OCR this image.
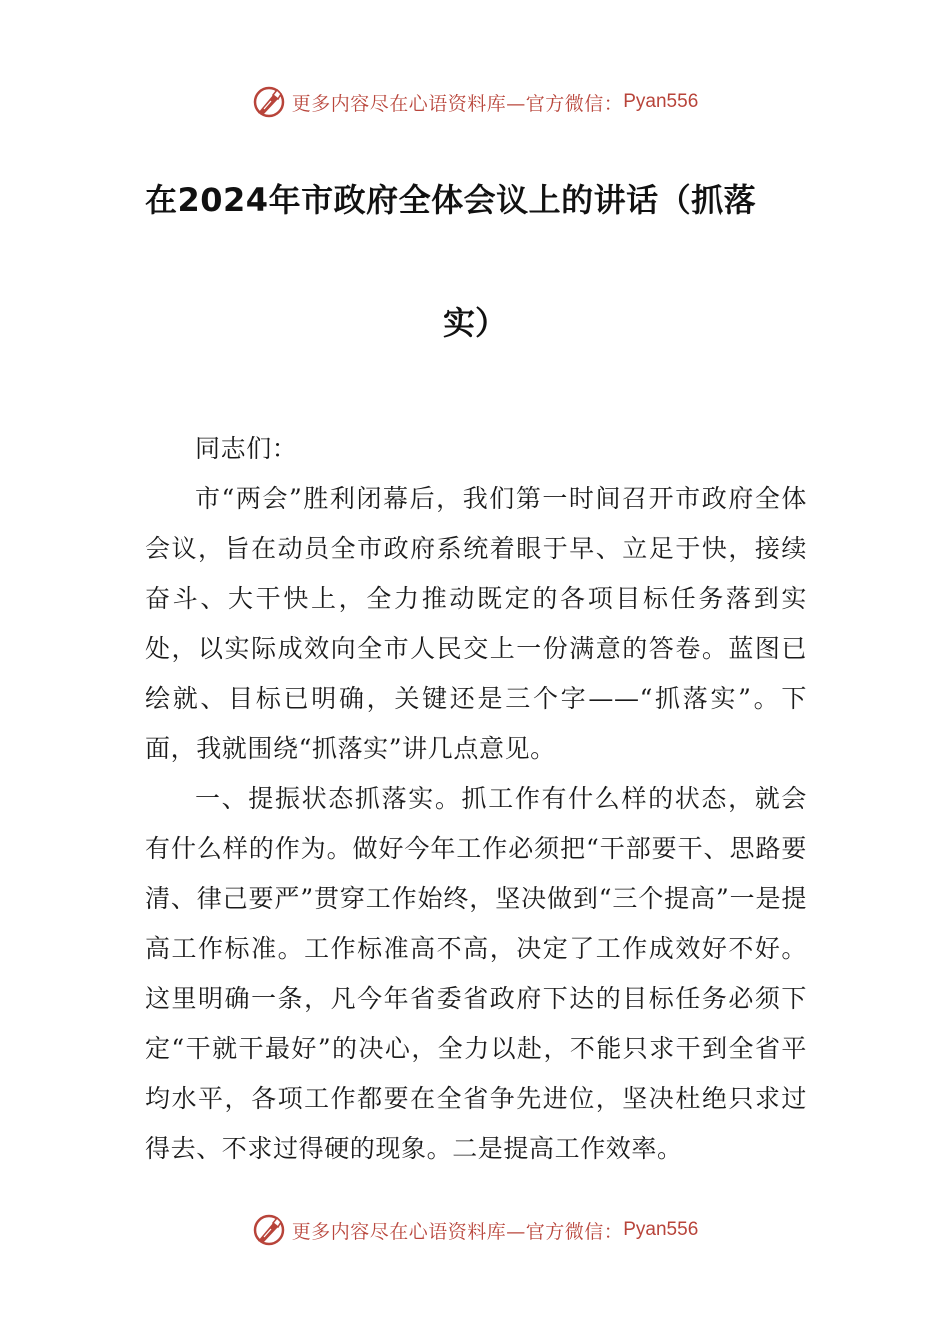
更多内容尽在心语资料库—官方微信： Pyan556
在2024年市政府全体会议上的讲话（抓落
实）

同志们：

市“两会”胜利闭幕后，我们第一时间召开市政府全体会议，旨在动员全市政府系统着眼于早、立足于快，接续奋斗、大干快上，全力推动既定的各项目标任务落到实处，以实际成效向全市人民交上一份满意的答卷。蓝图已绘就、目标已明确，关键还是三个字——“抓落实”。下面，我就围绕“抓落实”讲几点意见。

一、提振状态抓落实。抓工作有什么样的状态，就会有什么样的作为。做好今年工作必须把“干部要干、思路要清、律己要严”贯穿工作始终，坚决做到“三个提高”一是提高工作标准。工作标准高不高，决定了工作成效好不好。这里明确一条，凡今年省委省政府下达的目标任务必须下定“干就干最好”的决心，全力以赴，不能只求干到全省平均水平，各项工作都要在全省争先进位，坚决杜绝只求过得去、不求过得硬的现象。二是提高工作效率。

更多内容尽在心语资料库—官方微信： Pyan556
